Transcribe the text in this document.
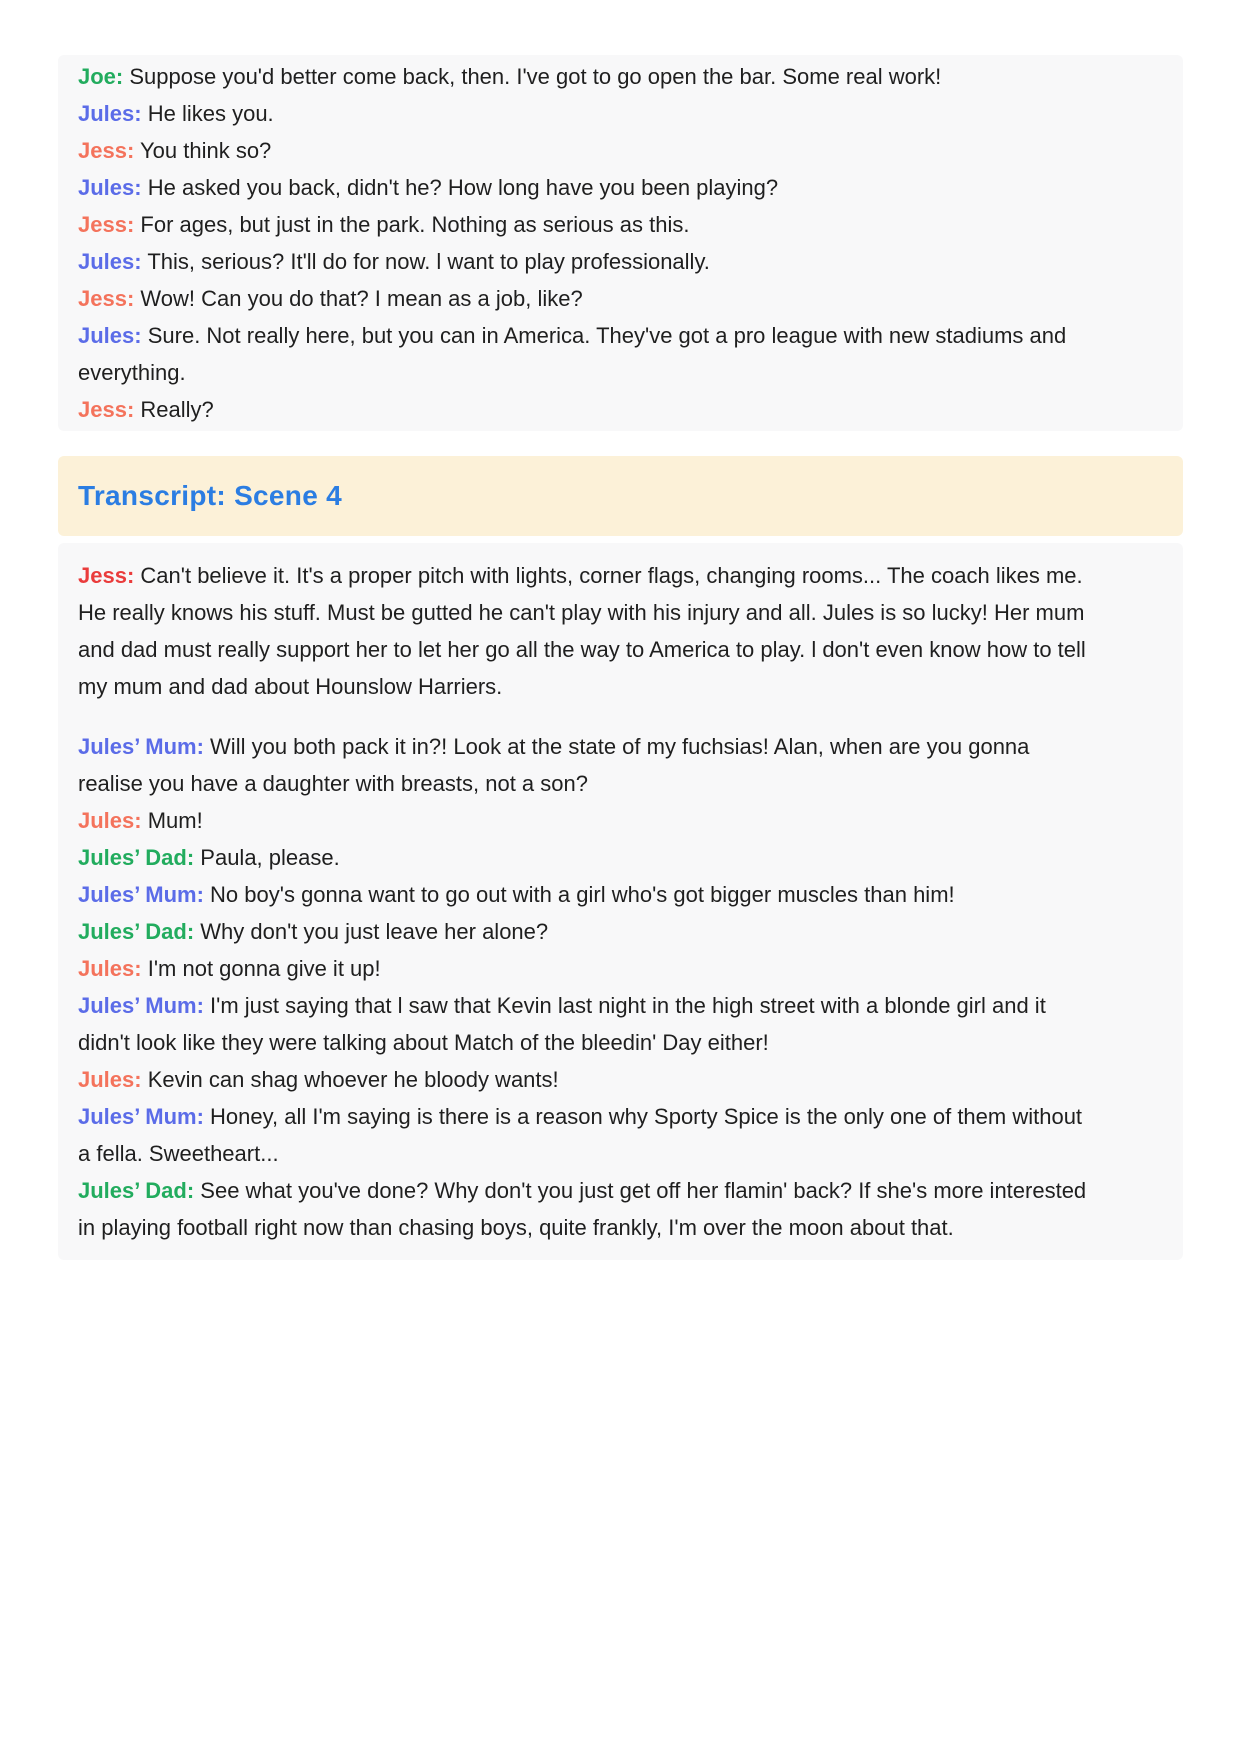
Joe: Suppose you'd better come back, then. I've got to go open the bar. Some real work!

Jules: He likes you.

Jess: You think so?

Jules: He asked you back, didn't he? How long have you been playing?

Jess: For ages, but just in the park. Nothing as serious as this.

Jules: This, serious? It'll do for now. l want to play professionally.

Jess: Wow! Can you do that? I mean as a job, like?

Jules: Sure. Not really here, but you can in America. They've got a pro league with new stadiums and everything.

Jess: Really?

Transcript: Scene 4

Jess: Can't believe it. It's a proper pitch with lights, corner flags, changing rooms... The coach likes me. He really knows his stuff. Must be gutted he can't play with his injury and all. Jules is so lucky! Her mum and dad must really support her to let her go all the way to America to play. l don't even know how to tell my mum and dad about Hounslow Harriers.

Jules’ Mum: Will you both pack it in?! Look at the state of my fuchsias! Alan, when are you gonna realise you have a daughter with breasts, not a son?

Jules: Mum!

Jules’ Dad: Paula, please.

Jules’ Mum: No boy's gonna want to go out with a girl who's got bigger muscles than him!

Jules’ Dad: Why don't you just leave her alone?

Jules: I'm not gonna give it up!

Jules’ Mum: I'm just saying that l saw that Kevin last night in the high street with a blonde girl and it didn't look like they were talking about Match of the bleedin' Day either!

Jules: Kevin can shag whoever he bloody wants!

Jules’ Mum: Honey, all I'm saying is there is a reason why Sporty Spice is the only one of them without a fella. Sweetheart...

Jules’ Dad: See what you've done? Why don't you just get off her flamin' back? If she's more interested in playing football right now than chasing boys, quite frankly, I'm over the moon about that.
